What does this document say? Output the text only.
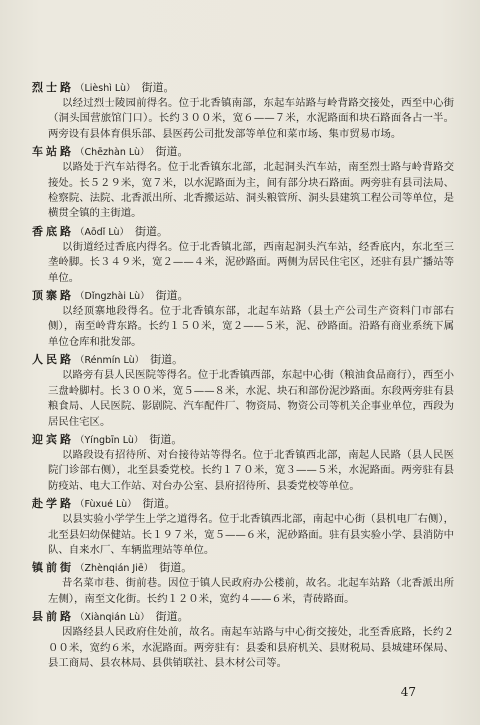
烈士路（Lièshì Lù） 街道。
以经过烈士陵园前得名。位于北香镇南部，东起车站路与岭背路交接处，西至中心街（洞头国营旅馆门口）。长约３００米，宽６——７米，水泥路面和块石路面各占一半。两旁设有县体育俱乐部、县医药公司批发部等单位和菜市场、集市贸易市场。
车站路（Chēzhàn Lù） 街道。
以路处于汽车站得名。位于北香镇东北部，北起洞头汽车站，南至烈士路与岭背路交接处。长５２９米，宽７米，以水泥路面为主，间有部分块石路面。两旁驻有县司法局、检察院、法院、北香派出所、北香搬运站、洞头粮管所、洞头县建筑工程公司等单位，是横贯全镇的主街道。
香底路（Aōdǐ Lù） 街道。
以街道经过香底内得名。位于北香镇北部，西南起洞头汽车站，经香底内，东北至三垄岭脚。长３４９米，宽２——４米，泥砂路面。两侧为居民住宅区，还驻有县广播站等单位。
顶寨路（Dǐngzhài Lù） 街道。
以经顶寨地段得名。位于北香镇东部，北起车站路（县土产公司生产资料门市部右侧），南至岭背东路。长约１５０米，宽２——５米，泥、砂路面。沿路有商业系统下属单位仓库和批发部。
人民路（Rénmín Lù） 街道。
以路旁有县人民医院等得名。位于北香镇西部，东起中心街（粮油食品商行），西至小三盘岭脚村。长３００米，宽５——８米，水泥、块石和部份泥沙路面。东段两旁驻有县粮食局、人民医院、影剧院、汽车配件厂、物资局、物资公司等机关企事业单位，西段为居民住宅区。
迎宾路（Yíngbīn Lù） 街道。
以路段设有招待所、对台接待站等得名。位于北香镇西北部，南起人民路（县人民医院门诊部右侧），北至县委党校。长约１７０米，宽３——５米，水泥路面。两旁驻有县防疫站、电大工作站、对台办公室、县府招待所、县委党校等单位。
赴学路（Fùxué Lù） 街道。
以县实验小学学生上学之道得名。位于北香镇西北部，南起中心街（县机电厂右侧），北至县妇幼保健站。长１９７米，宽５——６米，泥砂路面。驻有县实验小学、县消防中队、自来水厂、车辆监理站等单位。
镇前街（Zhènqián Jiē） 街道。
昔名菜市巷、街前巷。因位于镇人民政府办公楼前，故名。北起车站路（北香派出所左侧），南至文化街。长约１２０米，宽约４——６米，青砖路面。
县前路（Xiànqián Lù） 街道。
因路经县人民政府住处前，故名。南起车站路与中心街交接处，北至香底路，长约２００米，宽约６米，水泥路面。两旁驻有：县委和县府机关、县财税局、县城建环保局、县工商局、县农林局、县供销联社、县木材公司等。
47
